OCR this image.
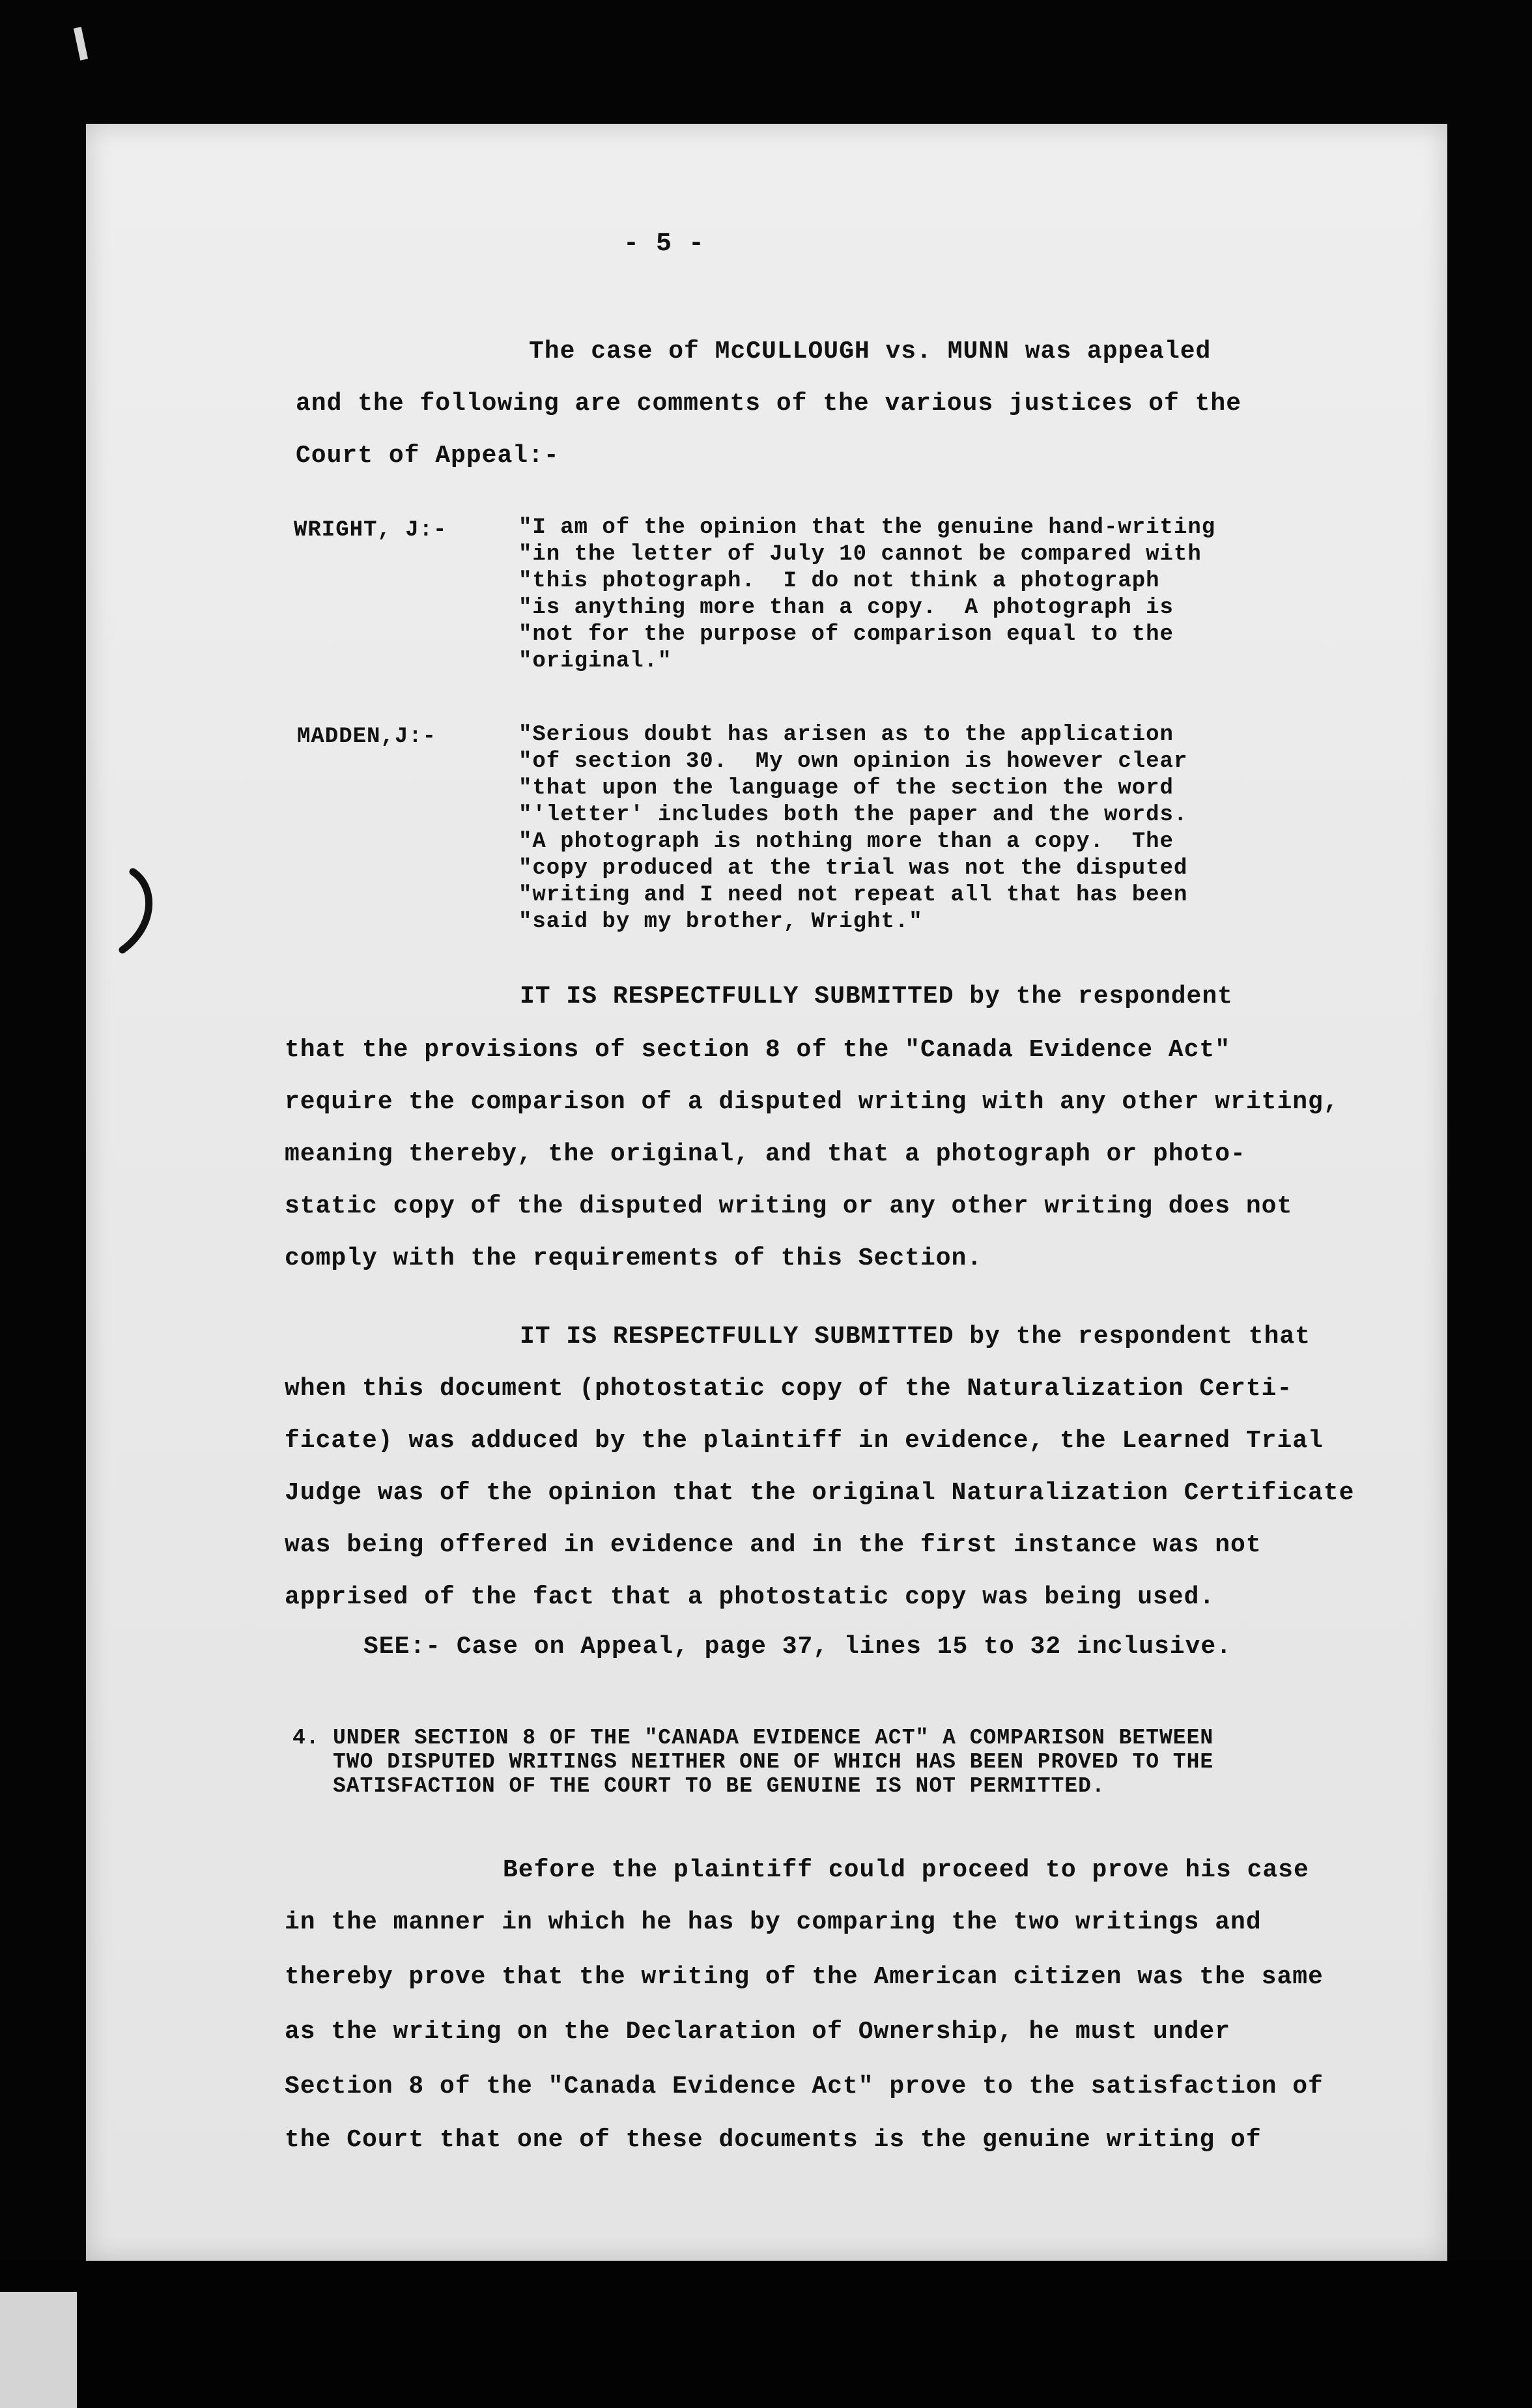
- 5 -
The case of McCULLOUGH vs. MUNN was appealed
and the following are comments of the various justices of the
Court of Appeal:-
WRIGHT, J:-	"I am of the opinion that the genuine hand-writing
"in the letter of July 10 cannot be compared with
"this photograph.  I do not think a photograph
"is anything more than a copy.  A photograph is
"not for the purpose of comparison equal to the
"original."
MADDEN,J:-	"Serious doubt has arisen as to the application
"of section 30.  My own opinion is however clear
"that upon the language of the section the word
"'letter' includes both the paper and the words.
"A photograph is nothing more than a copy.  The
"copy produced at the trial was not the disputed
"writing and I need not repeat all that has been
"said by my brother, Wright."
IT IS RESPECTFULLY SUBMITTED by the respondent
that the provisions of section 8 of the "Canada Evidence Act"
require the comparison of a disputed writing with any other writing,
meaning thereby, the original, and that a photograph or photo-
static copy of the disputed writing or any other writing does not
comply with the requirements of this Section.
IT IS RESPECTFULLY SUBMITTED by the respondent that
when this document (photostatic copy of the Naturalization Certi-
ficate) was adduced by the plaintiff in evidence, the Learned Trial
Judge was of the opinion that the original Naturalization Certificate
was being offered in evidence and in the first instance was not
apprised of the fact that a photostatic copy was being used.
SEE:- Case on Appeal, page 37, lines 15 to 32 inclusive.
4. UNDER SECTION 8 OF THE "CANADA EVIDENCE ACT" A COMPARISON BETWEEN
TWO DISPUTED WRITINGS NEITHER ONE OF WHICH HAS BEEN PROVED TO THE
SATISFACTION OF THE COURT TO BE GENUINE IS NOT PERMITTED.
Before the plaintiff could proceed to prove his case
in the manner in which he has by comparing the two writings and
thereby prove that the writing of the American citizen was the same
as the writing on the Declaration of Ownership, he must under
Section 8 of the "Canada Evidence Act" prove to the satisfaction of
the Court that one of these documents is the genuine writing of
